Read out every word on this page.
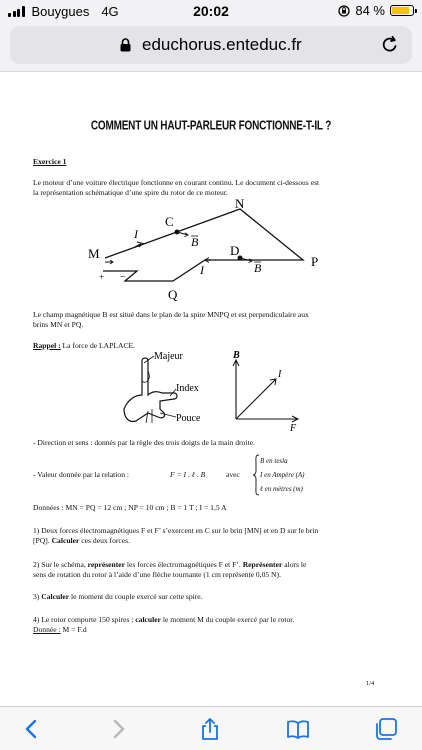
Bouygues 4G	20:02	84 %
educhorus.enteduc.fr
COMMENT UN HAUT-PARLEUR FONCTIONNE-T-IL ?
Exercice 1
Le moteur d’une voiture électrique fonctionne en courant continu. Le document ci-dessous est
la représentation schématique d’une spire du rotor de ce moteur.
M
N
P
Q
C
D
I
I
B
B
+ −
Le champ magnétique B est situé dans le plan de la spire MNPQ et est perpendiculaire aux
brins MN et PQ.
Rappel : La force de LAPLACE.
Majeur
Index
Pouce
B
I
F
- Direction et sens : donnés par la règle des trois doigts de la main droite.
- Valeur donnée par la relation :	F = I . ℓ . B	avec
B en tesla
I en Ampère (A)
ℓ en mètres (m)
Données : MN = PQ = 12 cm ; NP = 10 cm ; B = 1 T ; I = 1,5 A
1) Deux forces électromagnétiques F et F’ s’exercent en C sur le brin [MN] et en D sur le brin
[PQ]. Calculer ces deux forces.
2) Sur le schéma, représenter les forces électromagnétiques F et F’. Représenter alors le
sens de rotation du rotor à l’aide d’une flèche tournante (1 cm représente 0,05 N).
3) Calculer le moment du couple exercé sur cette spire.
4) Le rotor comporte 150 spires ; calculer le moment M du couple exercé par le rotor.
Donnée : M = F.d
1/4
